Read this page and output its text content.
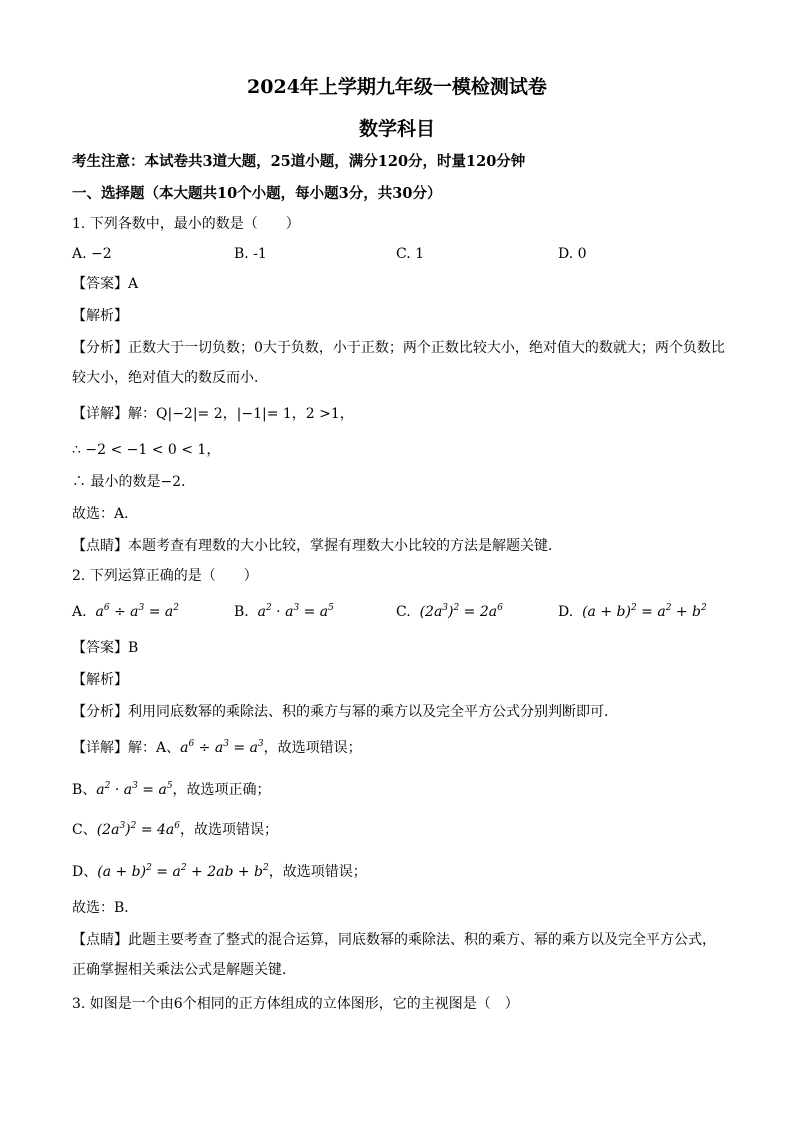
2024年上学期九年级一模检测试卷
数学科目
考生注意：本试卷共3道大题，25道小题，满分120分，时量120分钟
一、选择题（本大题共10个小题，每小题3分，共30分）
1. 下列各数中，最小的数是（　　）
A. −2	B. -1	C. 1	D. 0
【答案】A
【解析】
【分析】正数大于一切负数；0大于负数，小于正数；两个正数比较大小，绝对值大的数就大；两个负数比
较大小，绝对值大的数反而小．
【详解】解：Q|−2|= 2，|−1|= 1，2 >1，
∴ −2 < −1 < 0 < 1，
∴ 最小的数是−2．
故选：A．
【点睛】本题考查有理数的大小比较，掌握有理数大小比较的方法是解题关键．
2. 下列运算正确的是（　　）
A.  $a^6 \div a^3 = a^2$	B.  $a^2 \cdot a^3 = a^5$	C.  $(2a^3)^2 = 2a^6$	D.  $(a + b)^2 = a^2 + b^2$
【答案】B
【解析】
【分析】利用同底数幂的乘除法、积的乘方与幂的乘方以及完全平方公式分别判断即可．
【详解】解：A、$a^6 \div a^3 = a^3$，故选项错误；
B、$a^2 \cdot a^3 = a^5$，故选项正确；
C、$(2a^3)^2 = 4a^6$，故选项错误；
D、$(a + b)^2 = a^2 + 2ab + b^2$，故选项错误；
故选：B．
【点睛】此题主要考查了整式的混合运算，同底数幂的乘除法、积的乘方、幂的乘方以及完全平方公式，
正确掌握相关乘法公式是解题关键．
3. 如图是一个由6个相同的正方体组成的立体图形，它的主视图是（　）
